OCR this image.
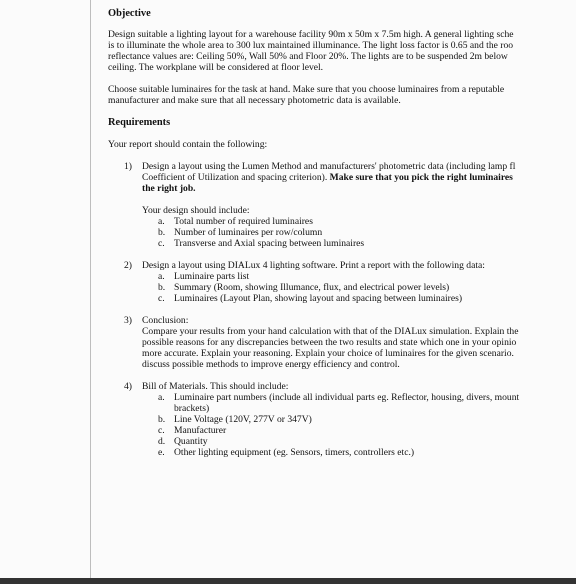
Objective
Design suitable a lighting layout for a warehouse facility 90m x 50m x 7.5m high. A general lighting sche
is to illuminate the whole area to 300 lux maintained illuminance. The light loss factor is 0.65 and the roo
reflectance values are: Ceiling 50%, Wall 50% and Floor 20%. The lights are to be suspended 2m below
ceiling. The workplane will be considered at floor level.
Choose suitable luminaires for the task at hand. Make sure that you choose luminaires from a reputable
manufacturer and make sure that all necessary photometric data is available.
Requirements
Your report should contain the following:
1) Design a layout using the Lumen Method and manufacturers' photometric data (including lamp fl
Coefficient of Utilization and spacing criterion). Make sure that you pick the right luminaires
the right job.
Your design should include:
a. Total number of required luminaires
b. Number of luminaires per row/column
c. Transverse and Axial spacing between luminaires
2) Design a layout using DIALux 4 lighting software. Print a report with the following data:
a. Luminaire parts list
b. Summary (Room, showing Illumance, flux, and electrical power levels)
c. Luminaires (Layout Plan, showing layout and spacing between luminaires)
3) Conclusion:
Compare your results from your hand calculation with that of the DIALux simulation. Explain the
possible reasons for any discrepancies between the two results and state which one in your opinio
more accurate. Explain your reasoning. Explain your choice of luminaires for the given scenario.
discuss possible methods to improve energy efficiency and control.
4) Bill of Materials. This should include:
a. Luminaire part numbers (include all individual parts eg. Reflector, housing, divers, mount
brackets)
b. Line Voltage (120V, 277V or 347V)
c. Manufacturer
d. Quantity
e. Other lighting equipment (eg. Sensors, timers, controllers etc.)
